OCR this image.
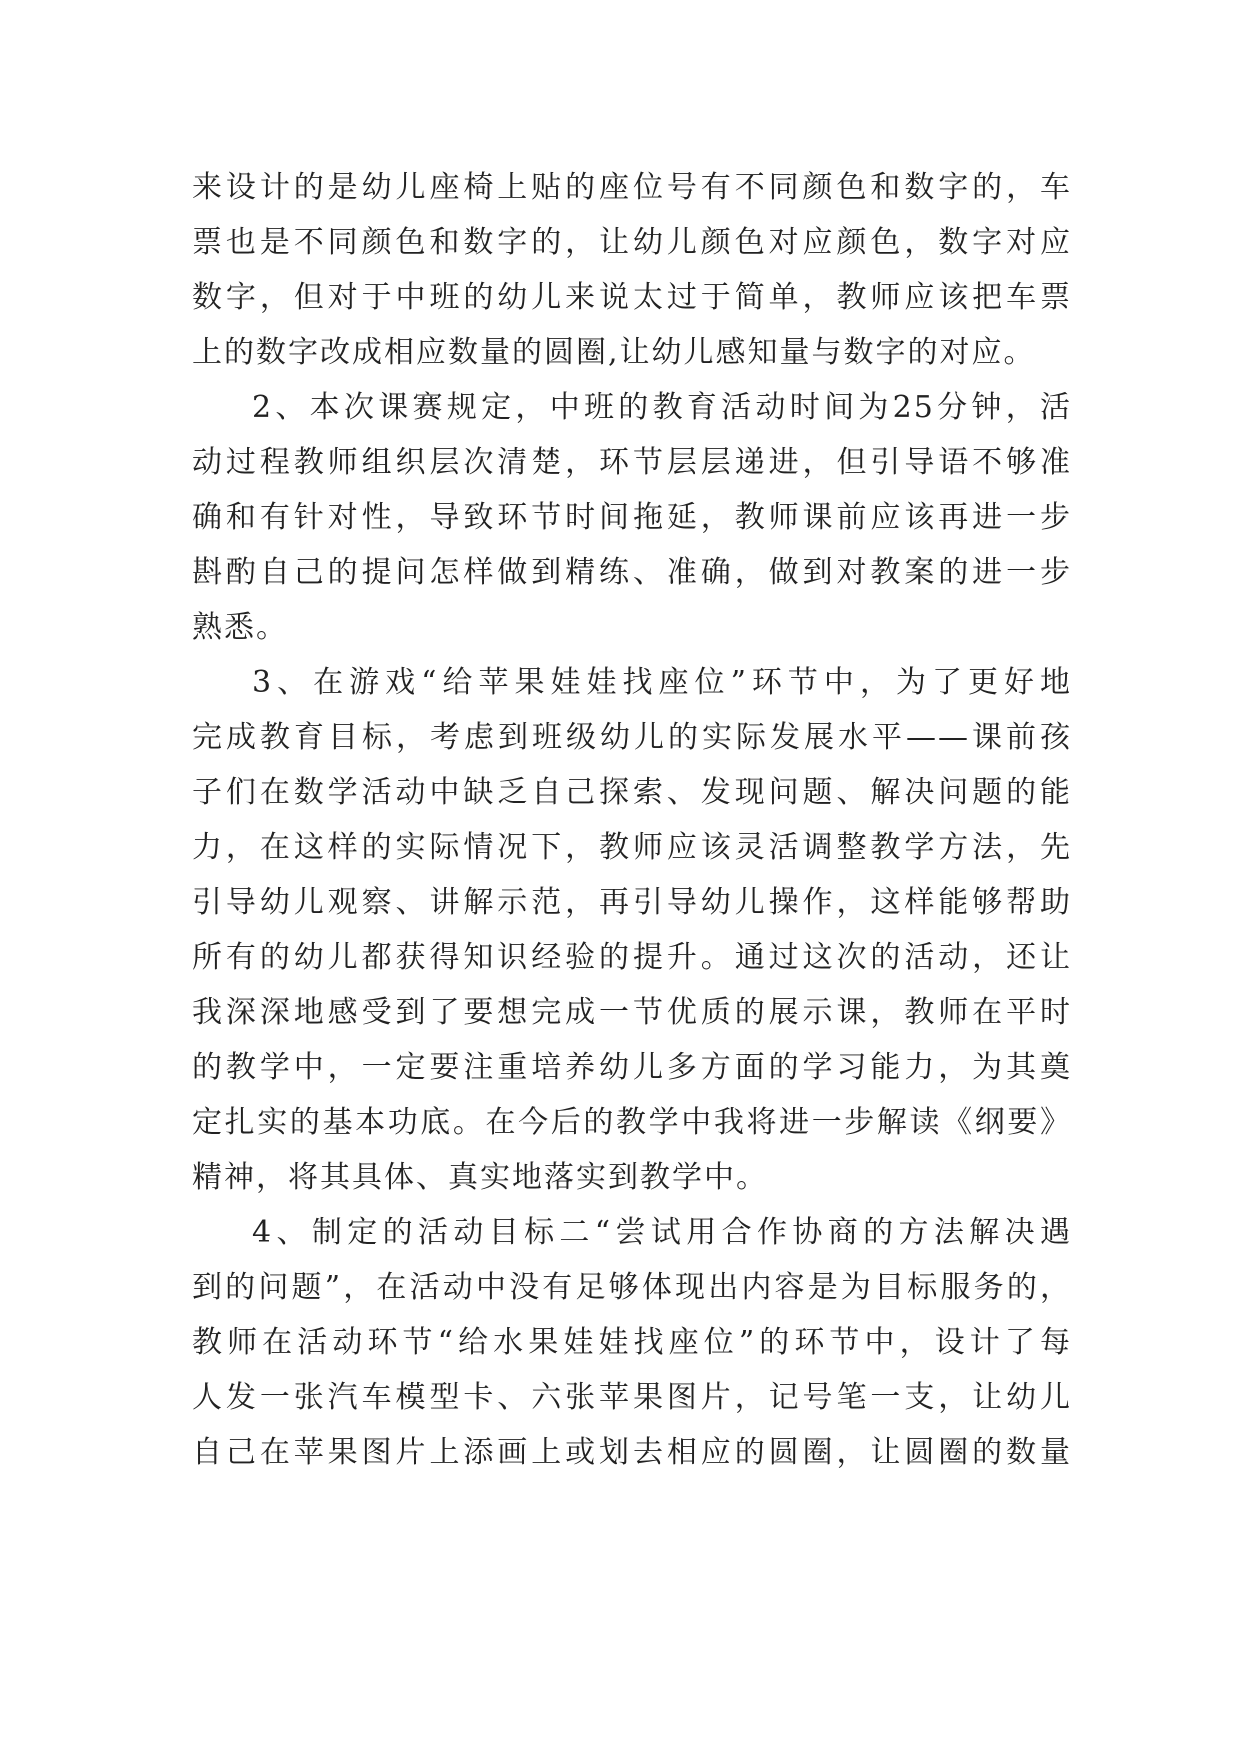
来设计的是幼儿座椅上贴的座位号有不同颜色和数字的，车
票也是不同颜色和数字的，让幼儿颜色对应颜色，数字对应
数字，但对于中班的幼儿来说太过于简单，教师应该把车票
上的数字改成相应数量的圆圈,让幼儿感知量与数字的对应。
2、本次课赛规定，中班的教育活动时间为25分钟，活
动过程教师组织层次清楚，环节层层递进，但引导语不够准
确和有针对性，导致环节时间拖延，教师课前应该再进一步
斟酌自己的提问怎样做到精练、准确，做到对教案的进一步
熟悉。
3、在游戏“给苹果娃娃找座位”环节中，为了更好地
完成教育目标，考虑到班级幼儿的实际发展水平——课前孩
子们在数学活动中缺乏自己探索、发现问题、解决问题的能
力，在这样的实际情况下，教师应该灵活调整教学方法，先
引导幼儿观察、讲解示范，再引导幼儿操作，这样能够帮助
所有的幼儿都获得知识经验的提升。通过这次的活动，还让
我深深地感受到了要想完成一节优质的展示课，教师在平时
的教学中，一定要注重培养幼儿多方面的学习能力，为其奠
定扎实的基本功底。在今后的教学中我将进一步解读《纲要》
精神，将其具体、真实地落实到教学中。
4、制定的活动目标二“尝试用合作协商的方法解决遇
到的问题”，在活动中没有足够体现出内容是为目标服务的，
教师在活动环节“给水果娃娃找座位”的环节中，设计了每
人发一张汽车模型卡、六张苹果图片，记号笔一支，让幼儿
自己在苹果图片上添画上或划去相应的圆圈，让圆圈的数量
